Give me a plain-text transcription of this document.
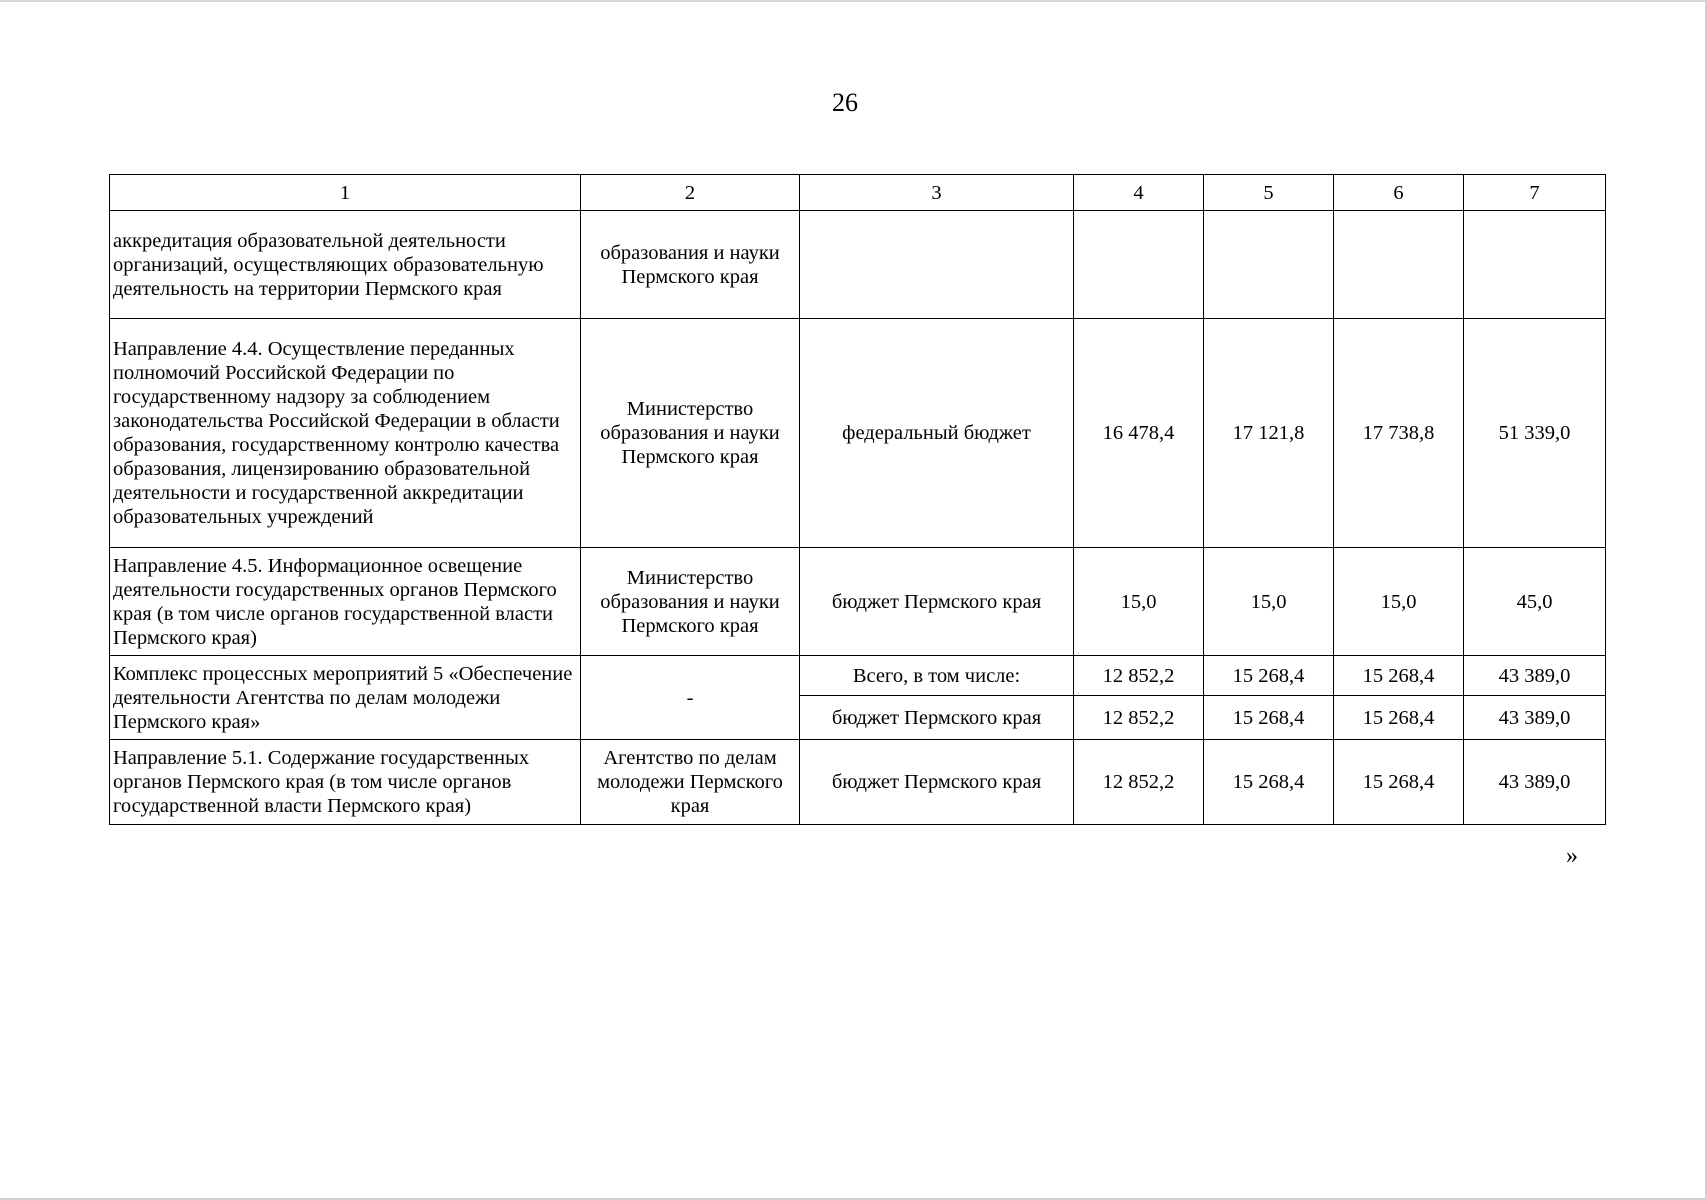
26
1	2	3	4	5	6	7
аккредитация образовательной деятельности организаций, осуществляющих образовательную деятельность на территории Пермского края	образования и науки Пермского края					
Направление 4.4. Осуществление переданных полномочий Российской Федерации по государственному надзору за соблюдением законодательства Российской Федерации в области образования, государственному контролю качества образования, лицензированию образовательной деятельности и государственной аккредитации образовательных учреждений	Министерство образования и науки Пермского края	федеральный бюджет	16 478,4	17 121,8	17 738,8	51 339,0
Направление 4.5. Информационное освещение деятельности государственных органов Пермского края (в том числе органов государственной власти Пермского края)	Министерство образования и науки Пермского края	бюджет Пермского края	15,0	15,0	15,0	45,0
Комплекс процессных мероприятий 5 «Обеспечение деятельности Агентства по делам молодежи Пермского края»	-	Всего, в том числе:	12 852,2	15 268,4	15 268,4	43 389,0
		бюджет Пермского края	12 852,2	15 268,4	15 268,4	43 389,0
Направление 5.1. Содержание государственных органов Пермского края (в том числе органов государственной власти Пермского края)	Агентство по делам молодежи Пермского края	бюджет Пермского края	12 852,2	15 268,4	15 268,4	43 389,0
»
